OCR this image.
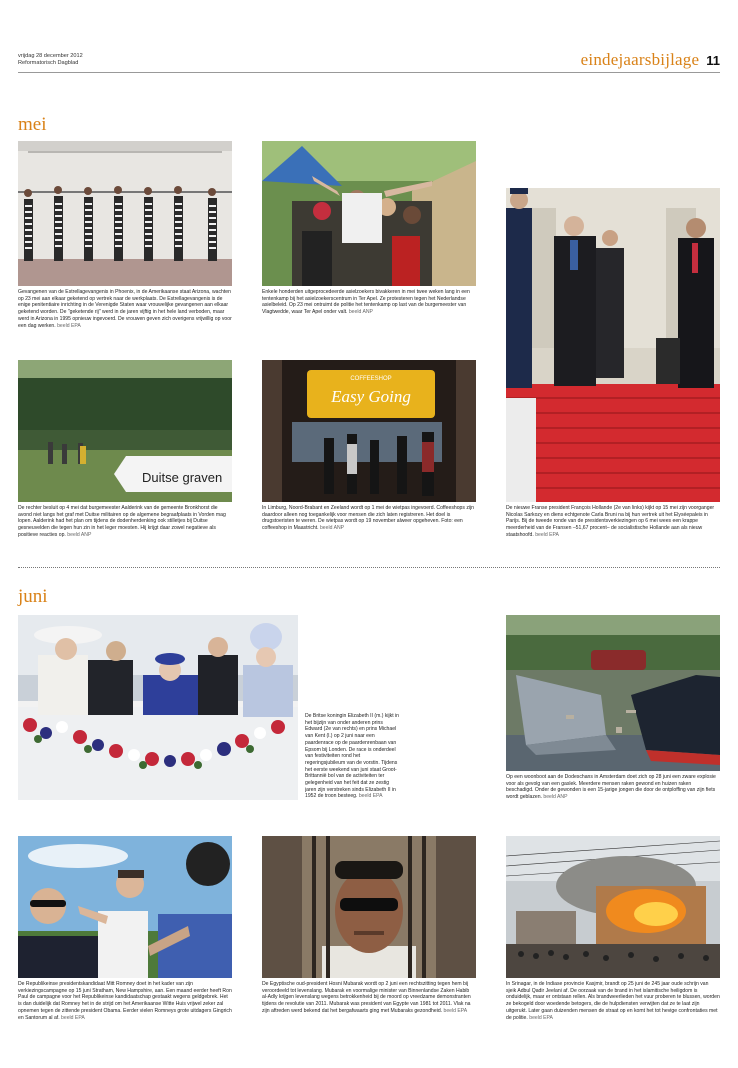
vrijdag 28 december 2012
Reformatorisch Dagblad	eindejaarsbijlage 11
mei
Gevangenen van de Estrellagevangenis in Phoenix, in de Amerikaanse staat Arizona, wachten op 23 mei aan elkaar geketend op vertrek naar de werkplaats. De Estrellagevangenis is de enige penitentiaire inrichting in de Verenigde Staten waar vrouwelijke gevangenen aan elkaar geketend worden. De "geketende rij" werd in de jaren vijftig in het hele land verboden, maar werd in Arizona in 1995 opnieuw ingevoerd. De vrouwen geven zich overigens vrijwillig op voor een dag werken. beeld EPA
Enkele honderden uitgeprocedeerde asielzoekers bivakkeren in mei twee weken lang in een tentenkamp bij het asielzoekerscentrum in Ter Apel. Ze protesteren tegen het Nederlandse asielbeleid. Op 23 mei ontruimt de politie het tentenkamp op last van de burgemeester van Vlagtwedde, waar Ter Apel onder valt. beeld ANP
De nieuwe Franse president François Hollande (2e van links) kijkt op 15 mei zijn voorganger Nicolas Sarkozy en diens echtgenote Carla Bruni na bij hun vertrek uit het Elyséepaleis in Parijs. Bij de tweede ronde van de presidentsverkiezingen op 6 mei wees een krappe meerderheid van de Fransen –51,67 procent– de socialistische Hollande aan als nieuw staatshoofd. beeld EPA
Duitse graven
De rechter besluit op 4 mei dat burgemeester Aalderink van de gemeente Bronkhorst die avond niet langs het graf met Duitse militairen op de algemene begraafplaats in Vorden mag lopen. Aalderink had het plan om tijdens de dodenherdenking ook stilletjes bij Duitse gesneuvelden die tegen hun zin in het leger moesten. Hij krijgt daar zowel negatieve als positieve reacties op. beeld ANP
COFFEESHOP
Easy Going
In Limburg, Noord-Brabant en Zeeland wordt op 1 mei de wietpas ingevoerd. Coffeeshops zijn daardoor alleen nog toegankelijk voor mensen die zich laten registreren. Het doel is drugstoeristen te weren. De wietpas wordt op 19 november alweer opgeheven. Foto: een coffeeshop in Maastricht. beeld ANP
juni
De Britse koningin Elizabeth II (m.) kijkt in het bijzijn van onder anderen prins Edward (2e van rechts) en prins Michael van Kent (l.) op 2 juni naar een paardenrace op de paardenrenbaan van Epsom bij Londen. De race is onderdeel van festiviteiten rond het regeringsjubileum van de vorstin. Tijdens het eerste weekend van juni staat Groot-Brittannië bol van de activiteiten ter gelegenheid van het feit dat ze zestig jaren zijn verstreken sinds Elizabeth II in 1952 de troon besteeg. beeld EPA
Op een woonboot aan de Dodeschans in Amsterdam doet zich op 28 juni een zware explosie voor als gevolg van een gaslek. Meerdere mensen raken gewond en huizen raken beschadigd. Onder de gewonden is een 15-jarige jongen die door de ontploffing van zijn fiets wordt geblazen. beeld ANP
De Republikeinse presidentskandidaat Mitt Romney doet in het kader van zijn verkiezingscampagne op 15 juni Stratham, New Hampshire, aan. Een maand eerder heeft Ron Paul de campagne voor het Republikeinse kandidaatschap gestaakt wegens geldgebrek. Het is dan duidelijk dat Romney het in de strijd om het Amerikaanse Witte Huis vrijwel zeker zal opnemen tegen de zittende president Obama. Eerder vielen Romneys grote uitdagers Gingrich en Santorum al af. beeld EPA
De Egyptische oud-president Hosni Mubarak wordt op 2 juni een rechtszitting tegen hem bij veroordeeld tot levenslang. Mubarak en voormalige minister van Binnenlandse Zaken Habib al-Adly krijgen levenslang wegens betrokkenheid bij de moord op vreedzame demonstranten tijdens de revolutie van 2011. Mubarak was president van Egypte van 1981 tot 2011. Vlak na zijn aftreden werd bekend dat het bergafwaarts ging met Mubaraks gezondheid. beeld EPA
In Srinagar, in de Indiase provincie Kasjmir, brandt op 25 juni de 245 jaar oude schrijn van sjeik Adbul Qadir Jeelani af. De oorzaak van de brand in het islamitische heiligdom is onduidelijk, maar er ontstaan rellen. Als brandweerlieden het vuur proberen te blussen, worden ze bekogeld door woedende betogers, die de hulpdiensten verwijten dat ze te laat zijn uitgerukt. Later gaan duizenden mensen de straat op en komt het tot hevige confrontaties met de politie. beeld EPA
